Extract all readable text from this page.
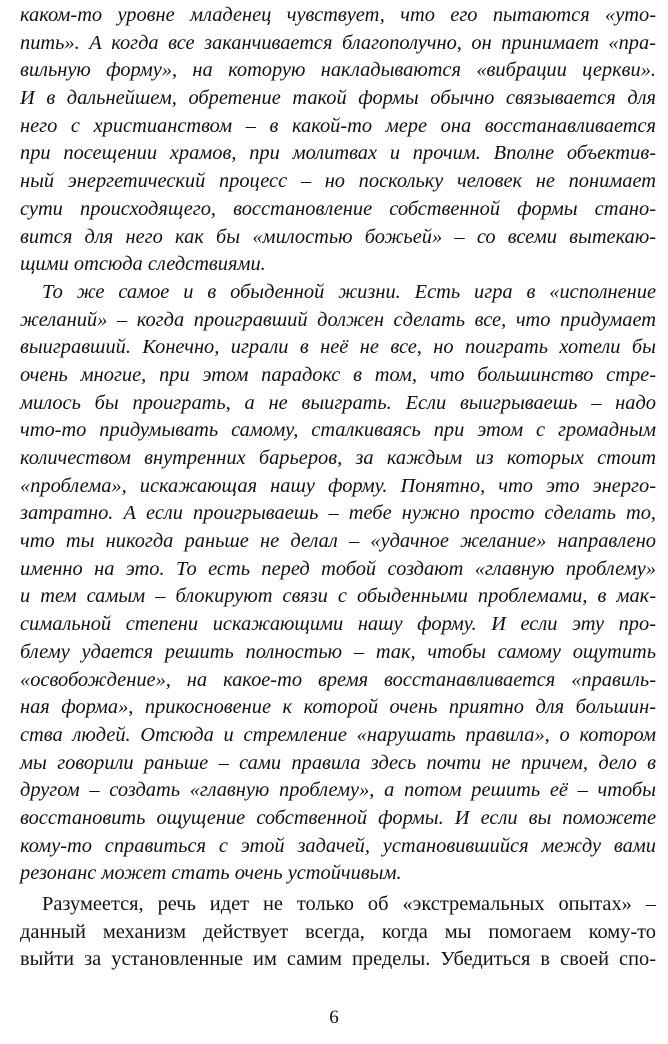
каком-то уровне младенец чувствует, что его пытаются «уто-
пить». А когда все заканчивается благополучно, он принимает «пра-
вильную форму», на которую накладываются «вибрации церкви».
И в дальнейшем, обретение такой формы обычно связывается для
него с христианством – в какой-то мере она восстанавливается
при посещении храмов, при молитвах и прочим. Вполне объектив-
ный энергетический процесс – но поскольку человек не понимает
сути происходящего, восстановление собственной формы стано-
вится для него как бы «милостью божьей» – со всеми вытекаю-
щими отсюда следствиями.
То же самое и в обыденной жизни. Есть игра в «исполнение
желаний» – когда проигравший должен сделать все, что придумает
выигравший. Конечно, играли в неё не все, но поиграть хотели бы
очень многие, при этом парадокс в том, что большинство стре-
милось бы проиграть, а не выиграть. Если выигрываешь – надо
что-то придумывать самому, сталкиваясь при этом с громадным
количеством внутренних барьеров, за каждым из которых стоит
«проблема», искажающая нашу форму. Понятно, что это энерго-
затратно. А если проигрываешь – тебе нужно просто сделать то,
что ты никогда раньше не делал – «удачное желание» направлено
именно на это. То есть перед тобой создают «главную проблему»
и тем самым – блокируют связи с обыденными проблемами, в мак-
симальной степени искажающими нашу форму. И если эту про-
блему удается решить полностью – так, чтобы самому ощутить
«освобождение», на какое-то время восстанавливается «правиль-
ная форма», прикосновение к которой очень приятно для большин-
ства людей. Отсюда и стремление «нарушать правила», о котором
мы говорили раньше – сами правила здесь почти не причем, дело в
другом – создать «главную проблему», а потом решить её – чтобы
восстановить ощущение собственной формы. И если вы поможете
кому-то справиться с этой задачей, установившийся между вами
резонанс может стать очень устойчивым.
Разумеется, речь идет не только об «экстремальных опытах» –
данный механизм действует всегда, когда мы помогаем кому-то
выйти за установленные им самим пределы. Убедиться в своей спо-
6
